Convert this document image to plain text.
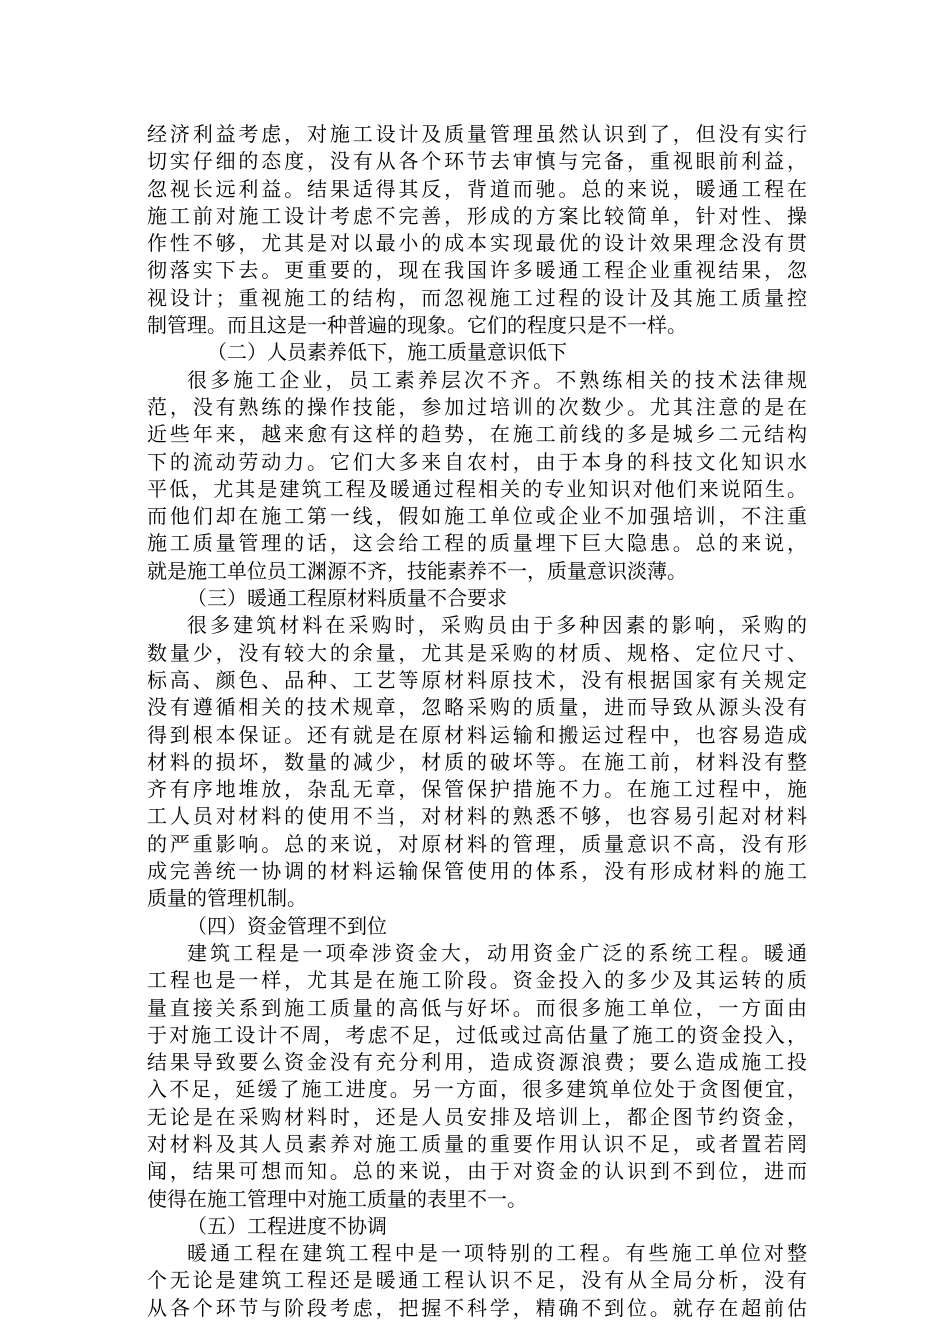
经济利益考虑，对施工设计及质量管理虽然认识到了，但没有实行
切实仔细的态度，没有从各个环节去审慎与完备，重视眼前利益，
忽视长远利益。结果适得其反，背道而驰。总的来说，暖通工程在
施工前对施工设计考虑不完善，形成的方案比较简单，针对性、操
作性不够，尤其是对以最小的成本实现最优的设计效果理念没有贯
彻落实下去。更重要的，现在我国许多暖通工程企业重视结果，忽
视设计；重视施工的结构，而忽视施工过程的设计及其施工质量控
制管理。而且这是一种普遍的现象。它们的程度只是不一样。
（二）人员素养低下，施工质量意识低下
很多施工企业，员工素养层次不齐。不熟练相关的技术法律规
范，没有熟练的操作技能，参加过培训的次数少。尤其注意的是在
近些年来，越来愈有这样的趋势，在施工前线的多是城乡二元结构
下的流动劳动力。它们大多来自农村，由于本身的科技文化知识水
平低，尤其是建筑工程及暖通过程相关的专业知识对他们来说陌生。
而他们却在施工第一线，假如施工单位或企业不加强培训，不注重
施工质量管理的话，这会给工程的质量埋下巨大隐患。总的来说，
就是施工单位员工渊源不齐，技能素养不一，质量意识淡薄。
（三）暖通工程原材料质量不合要求
很多建筑材料在采购时，采购员由于多种因素的影响，采购的
数量少，没有较大的余量，尤其是采购的材质、规格、定位尺寸、
标高、颜色、品种、工艺等原材料原技术，没有根据国家有关规定
没有遵循相关的技术规章，忽略采购的质量，进而导致从源头没有
得到根本保证。还有就是在原材料运输和搬运过程中，也容易造成
材料的损坏，数量的减少，材质的破坏等。在施工前，材料没有整
齐有序地堆放，杂乱无章，保管保护措施不力。在施工过程中，施
工人员对材料的使用不当，对材料的熟悉不够，也容易引起对材料
的严重影响。总的来说，对原材料的管理，质量意识不高，没有形
成完善统一协调的材料运输保管使用的体系，没有形成材料的施工
质量的管理机制。
（四）资金管理不到位
建筑工程是一项牵涉资金大，动用资金广泛的系统工程。暖通
工程也是一样，尤其是在施工阶段。资金投入的多少及其运转的质
量直接关系到施工质量的高低与好坏。而很多施工单位，一方面由
于对施工设计不周，考虑不足，过低或过高估量了施工的资金投入，
结果导致要么资金没有充分利用，造成资源浪费；要么造成施工投
入不足，延缓了施工进度。另一方面，很多建筑单位处于贪图便宜，
无论是在采购材料时，还是人员安排及培训上，都企图节约资金，
对材料及其人员素养对施工质量的重要作用认识不足，或者置若罔
闻，结果可想而知。总的来说，由于对资金的认识到不到位，进而
使得在施工管理中对施工质量的表里不一。
（五）工程进度不协调
暖通工程在建筑工程中是一项特别的工程。有些施工单位对整
个无论是建筑工程还是暖通工程认识不足，没有从全局分析，没有
从各个环节与阶段考虑，把握不科学，精确不到位。就存在超前估
